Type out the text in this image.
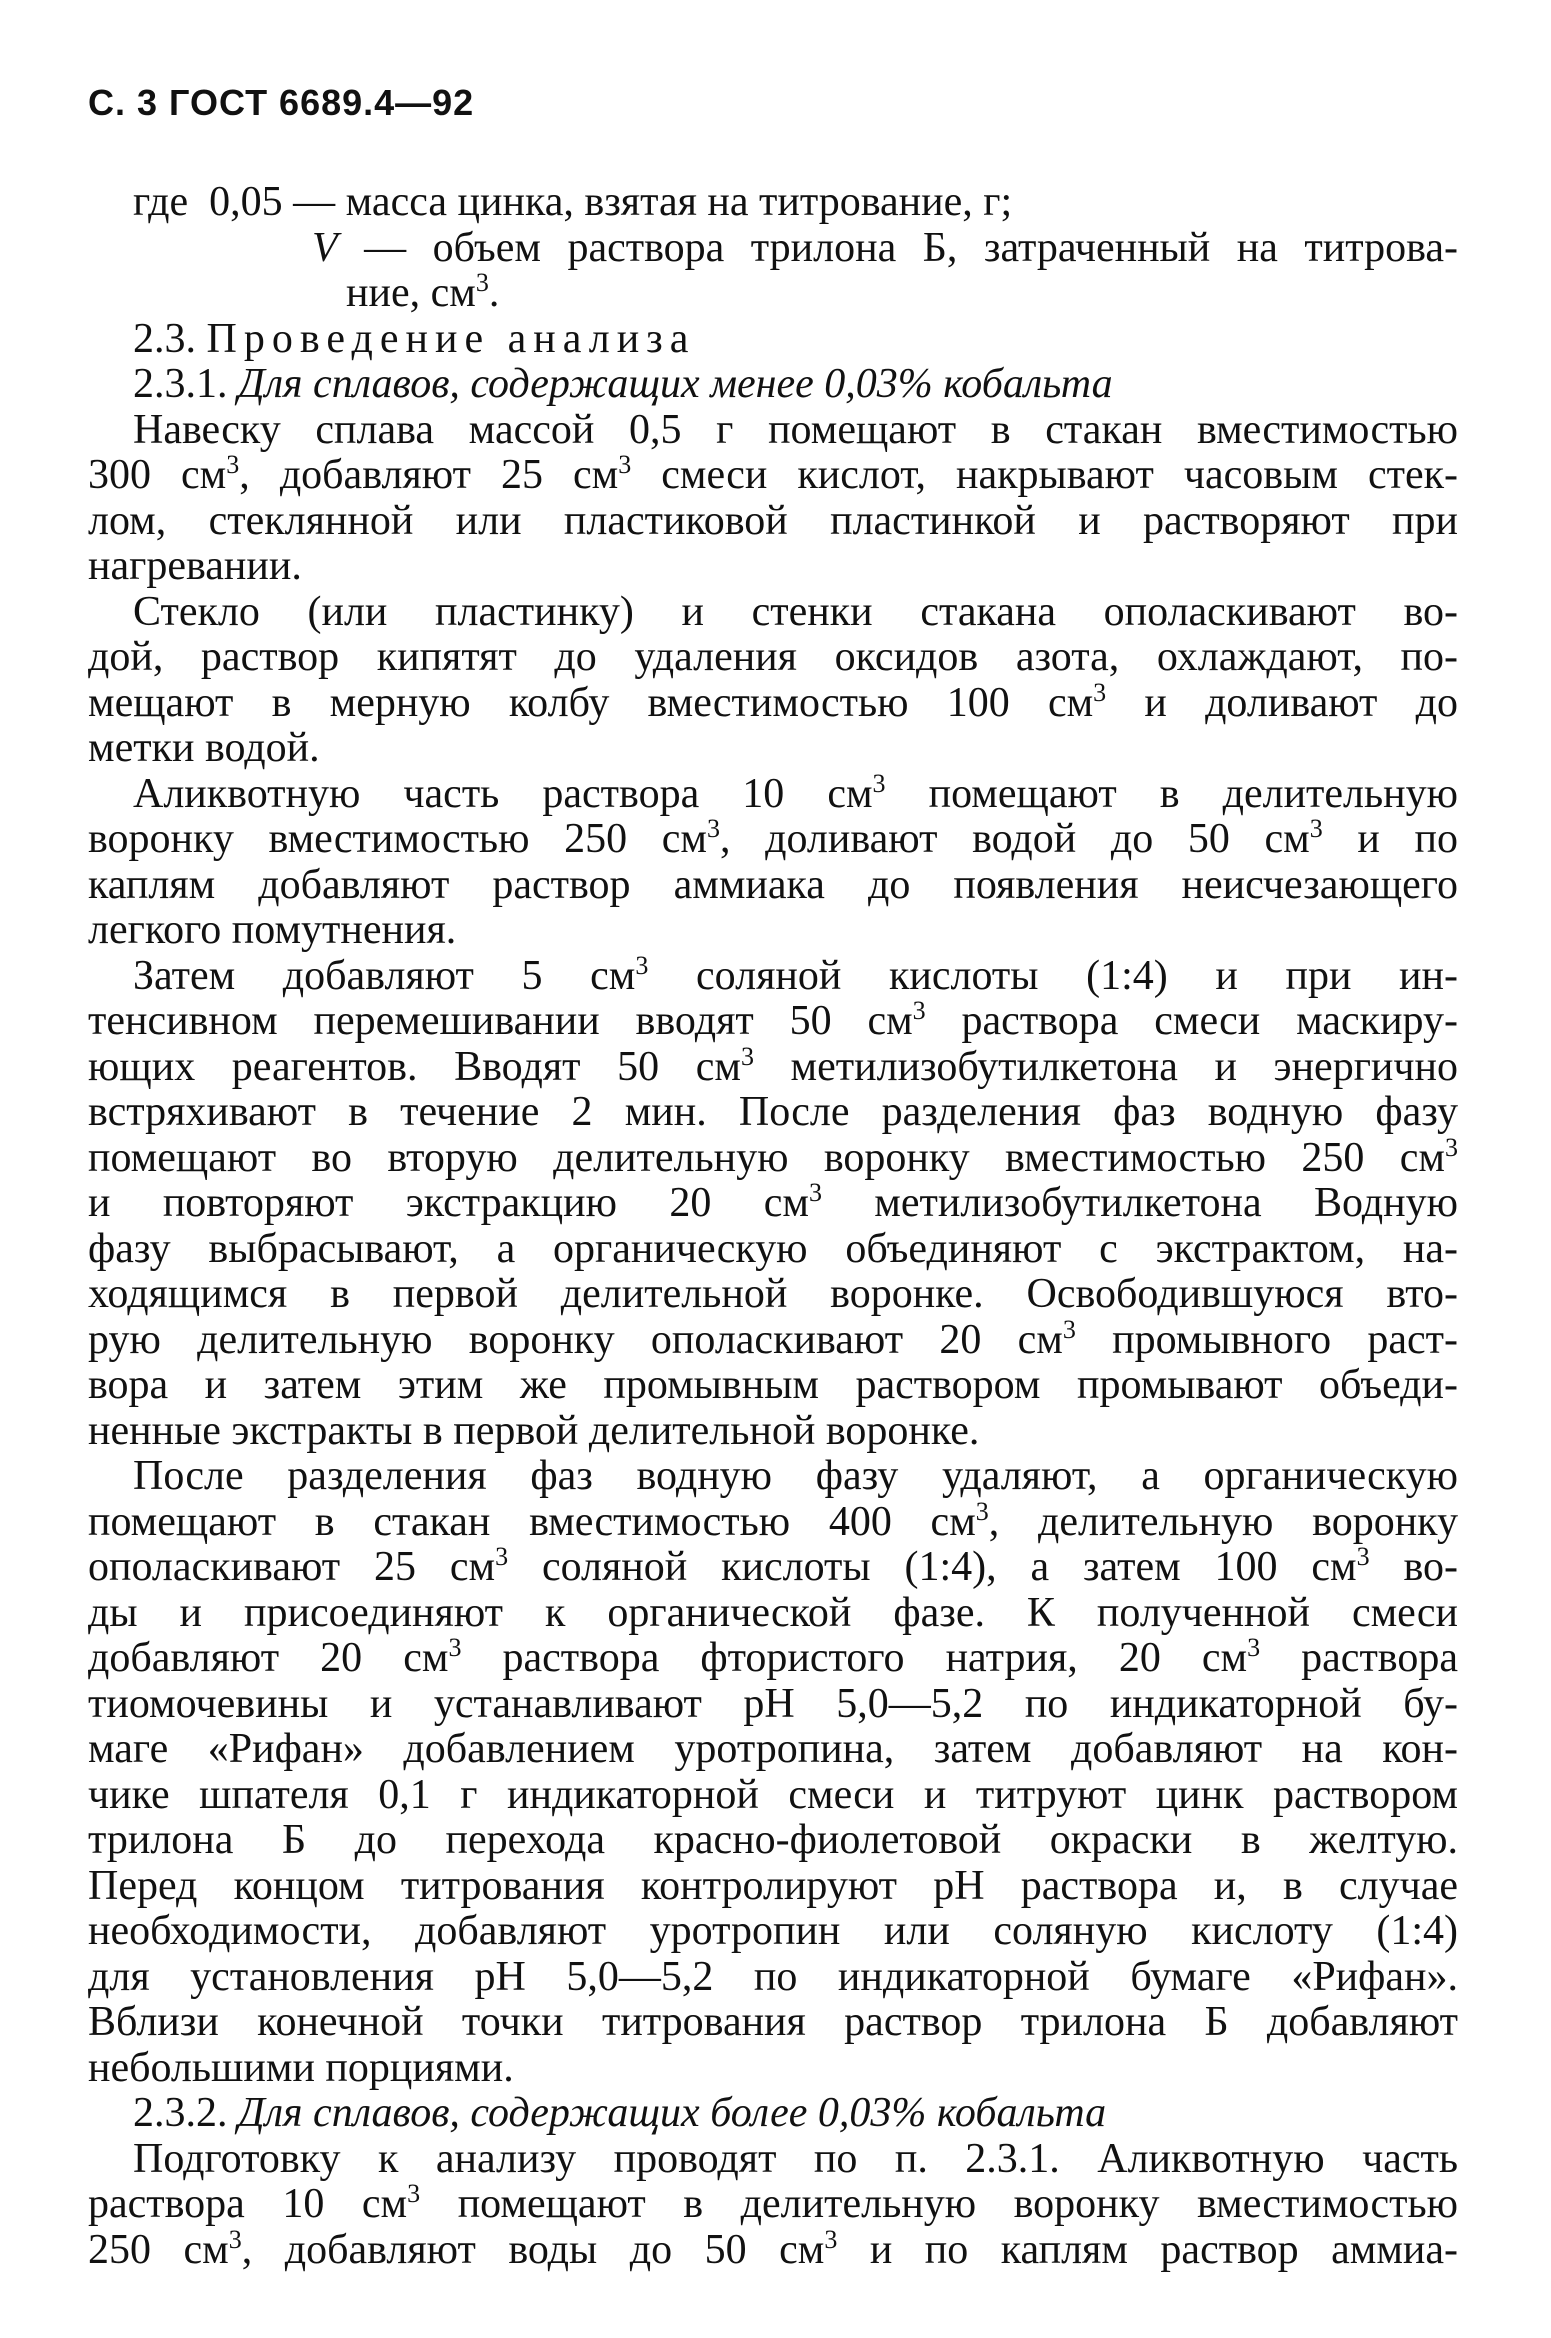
С. 3 ГОСТ 6689.4—92
где  0,05 — масса цинка, взятая на титрование, г;
V — объем раствора трилона Б, затраченный на титрова-
ние, $см^3$.
2.3. Проведение анализа
2.3.1. Для сплавов, содержащих менее 0,03% кобальта
Навеску сплава массой 0,5 г помещают в стакан вместимостью
300 $см^3$, добавляют 25 $см^3$ смеси кислот, накрывают часовым стек-
лом, стеклянной или пластиковой пластинкой и растворяют при
нагревании.
Стекло (или пластинку) и стенки стакана ополаскивают во-
дой, раствор кипятят до удаления оксидов азота, охлаждают, по-
мещают в мерную колбу вместимостью 100 $см^3$ и доливают до
метки водой.
Аликвотную часть раствора 10 $см^3$ помещают в делительную
воронку вместимостью 250 $см^3$, доливают водой до 50 $см^3$ и по
каплям добавляют раствор аммиака до появления неисчезающего
легкого помутнения.
Затем добавляют 5 $см^3$ соляной кислоты (1:4) и при ин-
тенсивном перемешивании вводят 50 $см^3$ раствора смеси маскиру-
ющих реагентов. Вводят 50 $см^3$ метилизобутилкетона и энергично
встряхивают в течение 2 мин. После разделения фаз водную фазу
помещают во вторую делительную воронку вместимостью 250 $см^3$
и повторяют экстракцию 20 $см^3$ метилизобутилкетона Водную
фазу выбрасывают, а органическую объединяют с экстрактом, на-
ходящимся в первой делительной воронке. Освободившуюся вто-
рую делительную воронку ополаскивают 20 $см^3$ промывного раст-
вора и затем этим же промывным раствором промывают объеди-
ненные экстракты в первой делительной воронке.
После разделения фаз водную фазу удаляют, а органическую
помещают в стакан вместимостью 400 $см^3$, делительную воронку
ополаскивают 25 $см^3$ соляной кислоты (1:4), а затем 100 $см^3$ во-
ды и присоединяют к органической фазе. К полученной смеси
добавляют 20 $см^3$ раствора фтористого натрия, 20 $см^3$ раствора
тиомочевины и устанавливают pH 5,0—5,2 по индикаторной бу-
маге «Рифан» добавлением уротропина, затем добавляют на кон-
чике шпателя 0,1 г индикаторной смеси и титруют цинк раствором
трилона Б до перехода красно-фиолетовой окраски в желтую.
Перед концом титрования контролируют pH раствора и, в случае
необходимости, добавляют уротропин или соляную кислоту (1:4)
для установления pH 5,0—5,2 по индикаторной бумаге «Рифан».
Вблизи конечной точки титрования раствор трилона Б добавляют
небольшими порциями.
2.3.2. Для сплавов, содержащих более 0,03% кобальта
Подготовку к анализу проводят по п. 2.3.1. Аликвотную часть
раствора 10 $см^3$ помещают в делительную воронку вместимостью
250 $см^3$, добавляют воды до 50 $см^3$ и по каплям раствор аммиа-
